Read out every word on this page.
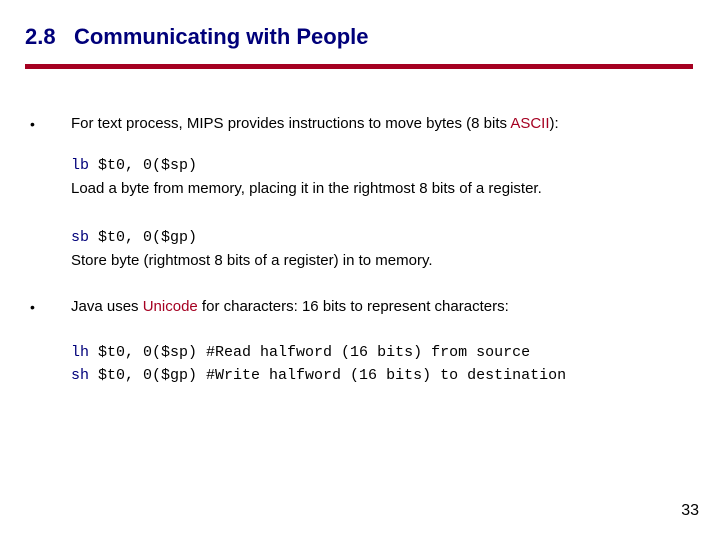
2.8 Communicating with People
• For text process, MIPS provides instructions to move bytes (8 bits ASCII):
lb $t0, 0($sp)
Load a byte from memory, placing it in the rightmost 8 bits of a register.
sb $t0, 0($gp)
Store byte (rightmost 8 bits of a register) in to memory.
• Java uses Unicode for characters: 16 bits to represent characters:
lh $t0, 0($sp) #Read halfword (16 bits) from source
sh $t0, 0($gp) #Write halfword (16 bits) to destination
33
